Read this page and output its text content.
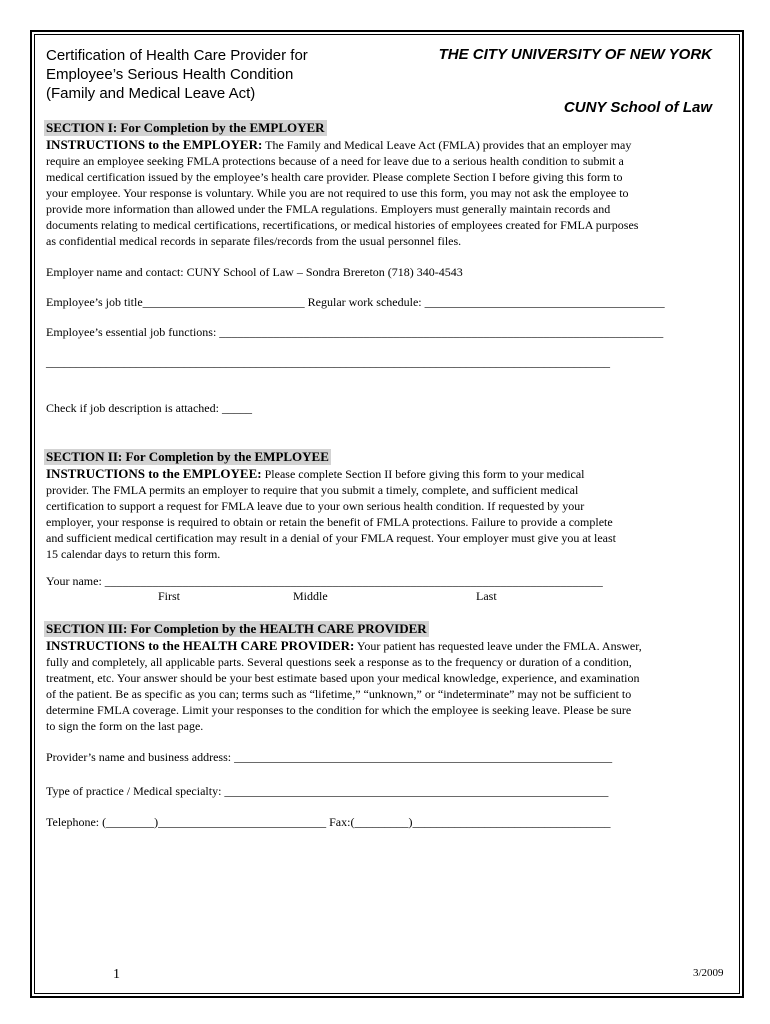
Certification of Health Care Provider for
Employee’s Serious Health Condition
(Family and Medical Leave Act)
THE CITY UNIVERSITY OF NEW YORK
CUNY School of Law
SECTION I: For Completion by the EMPLOYER
INSTRUCTIONS to the EMPLOYER: The Family and Medical Leave Act (FMLA) provides that an employer may
require an employee seeking FMLA protections because of a need for leave due to a serious health condition to submit a
medical certification issued by the employee’s health care provider. Please complete Section I before giving this form to
your employee. Your response is voluntary. While you are not required to use this form, you may not ask the employee to
provide more information than allowed under the FMLA regulations. Employers must generally maintain records and
documents relating to medical certifications, recertifications, or medical histories of employees created for FMLA purposes
as confidential medical records in separate files/records from the usual personnel files.
Employer name and contact: CUNY School of Law – Sondra Brereton (718) 340-4543
Employee’s job title___________________________ Regular work schedule: ________________________________________
Employee’s essential job functions: __________________________________________________________________________
______________________________________________________________________________________________
Check if job description is attached: _____
SECTION II: For Completion by the EMPLOYEE
INSTRUCTIONS to the EMPLOYEE: Please complete Section II before giving this form to your medical
provider. The FMLA permits an employer to require that you submit a timely, complete, and sufficient medical
certification to support a request for FMLA leave due to your own serious health condition. If requested by your
employer, your response is required to obtain or retain the benefit of FMLA protections. Failure to provide a complete
and sufficient medical certification may result in a denial of your FMLA request. Your employer must give you at least
15 calendar days to return this form.
Your name: ___________________________________________________________________________________
First	Middle	Last
SECTION III: For Completion by the HEALTH CARE PROVIDER
INSTRUCTIONS to the HEALTH CARE PROVIDER: Your patient has requested leave under the FMLA. Answer,
fully and completely, all applicable parts. Several questions seek a response as to the frequency or duration of a condition,
treatment, etc. Your answer should be your best estimate based upon your medical knowledge, experience, and examination
of the patient. Be as specific as you can; terms such as “lifetime,” “unknown,” or “indeterminate” may not be sufficient to
determine FMLA coverage. Limit your responses to the condition for which the employee is seeking leave. Please be sure
to sign the form on the last page.
Provider’s name and business address: _______________________________________________________________
Type of practice / Medical specialty: ________________________________________________________________
Telephone: (________)____________________________ Fax:(_________)_________________________________
1	3/2009
